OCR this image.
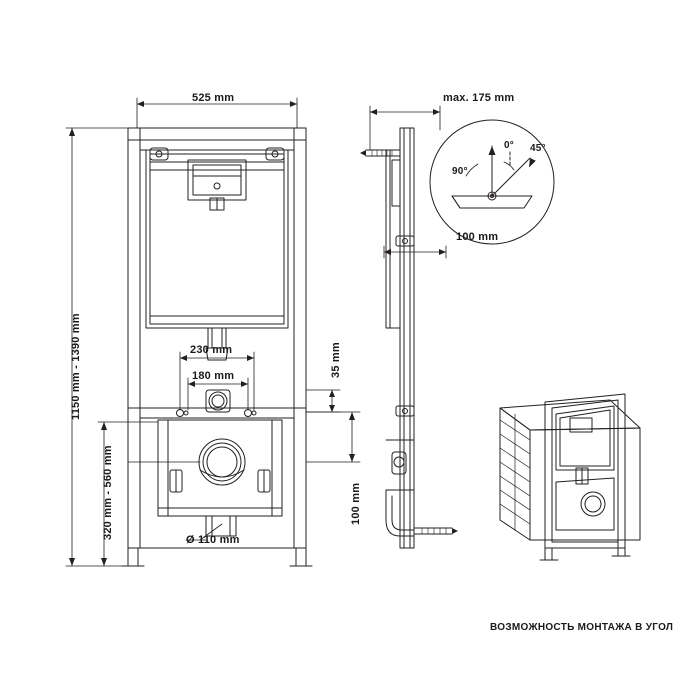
525 mm
1150 mm - 1390 mm
320 mm - 560 mm
230 mm
180 mm	35 mm
100 mm
Ø 110 mm
max. 175 mm
100 mm
90°
0° 45°
ВОЗМОЖНОСТЬ МОНТАЖА В УГОЛ
